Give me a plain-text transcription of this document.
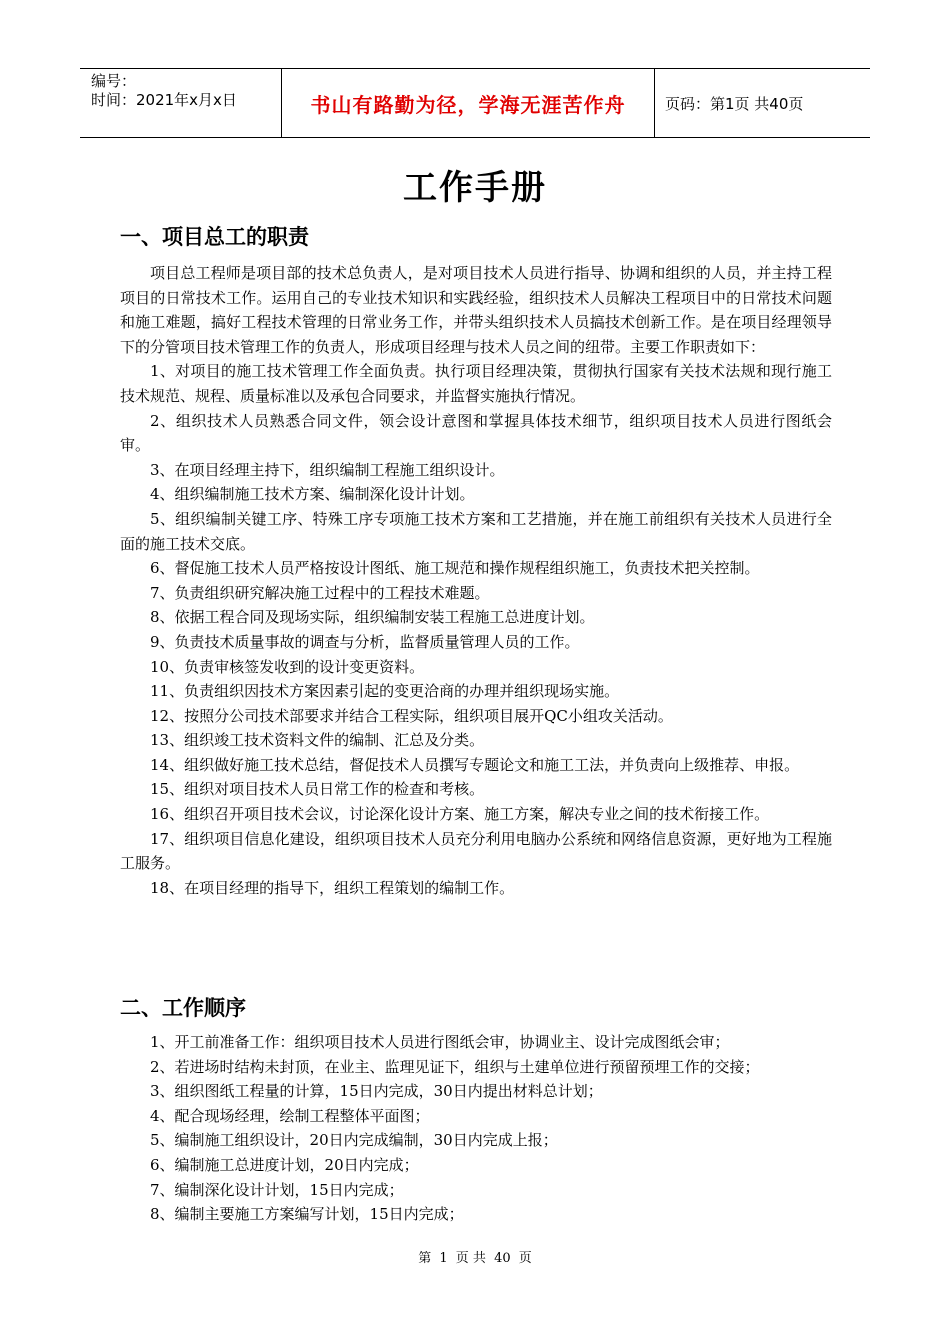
编号：
时间：2021年x月x日	书山有路勤为径，学海无涯苦作舟	页码：第1页 共40页
工作手册
一、项目总工的职责

项目总工程师是项目部的技术总负责人，是对项目技术人员进行指导、协调和组织的人员，并主持工程项目的日常技术工作。运用自己的专业技术知识和实践经验，组织技术人员解决工程项目中的日常技术问题和施工难题，搞好工程技术管理的日常业务工作，并带头组织技术人员搞技术创新工作。是在项目经理领导下的分管项目技术管理工作的负责人，形成项目经理与技术人员之间的纽带。主要工作职责如下：

1、对项目的施工技术管理工作全面负责。执行项目经理决策，贯彻执行国家有关技术法规和现行施工技术规范、规程、质量标准以及承包合同要求，并监督实施执行情况。

2、组织技术人员熟悉合同文件，领会设计意图和掌握具体技术细节，组织项目技术人员进行图纸会审。

3、在项目经理主持下，组织编制工程施工组织设计。

4、组织编制施工技术方案、编制深化设计计划。

5、组织编制关键工序、特殊工序专项施工技术方案和工艺措施，并在施工前组织有关技术人员进行全面的施工技术交底。

6、督促施工技术人员严格按设计图纸、施工规范和操作规程组织施工，负责技术把关控制。

7、负责组织研究解决施工过程中的工程技术难题。

8、依据工程合同及现场实际，组织编制安装工程施工总进度计划。

9、负责技术质量事故的调查与分析，监督质量管理人员的工作。

10、负责审核签发收到的设计变更资料。

11、负责组织因技术方案因素引起的变更洽商的办理并组织现场实施。

12、按照分公司技术部要求并结合工程实际，组织项目展开QC小组攻关活动。

13、组织竣工技术资料文件的编制、汇总及分类。

14、组织做好施工技术总结，督促技术人员撰写专题论文和施工工法，并负责向上级推荐、申报。

15、组织对项目技术人员日常工作的检查和考核。

16、组织召开项目技术会议，讨论深化设计方案、施工方案，解决专业之间的技术衔接工作。

17、组织项目信息化建设，组织项目技术人员充分利用电脑办公系统和网络信息资源，更好地为工程施工服务。

18、在项目经理的指导下，组织工程策划的编制工作。

二、工作顺序

1、开工前准备工作：组织项目技术人员进行图纸会审，协调业主、设计完成图纸会审；

2、若进场时结构未封顶，在业主、监理见证下，组织与土建单位进行预留预埋工作的交接；

3、组织图纸工程量的计算，15日内完成，30日内提出材料总计划；

4、配合现场经理，绘制工程整体平面图；

5、编制施工组织设计，20日内完成编制，30日内完成上报；

6、编制施工总进度计划，20日内完成；

7、编制深化设计计划，15日内完成；

8、编制主要施工方案编写计划，15日内完成；

第 1 页 共 40 页
